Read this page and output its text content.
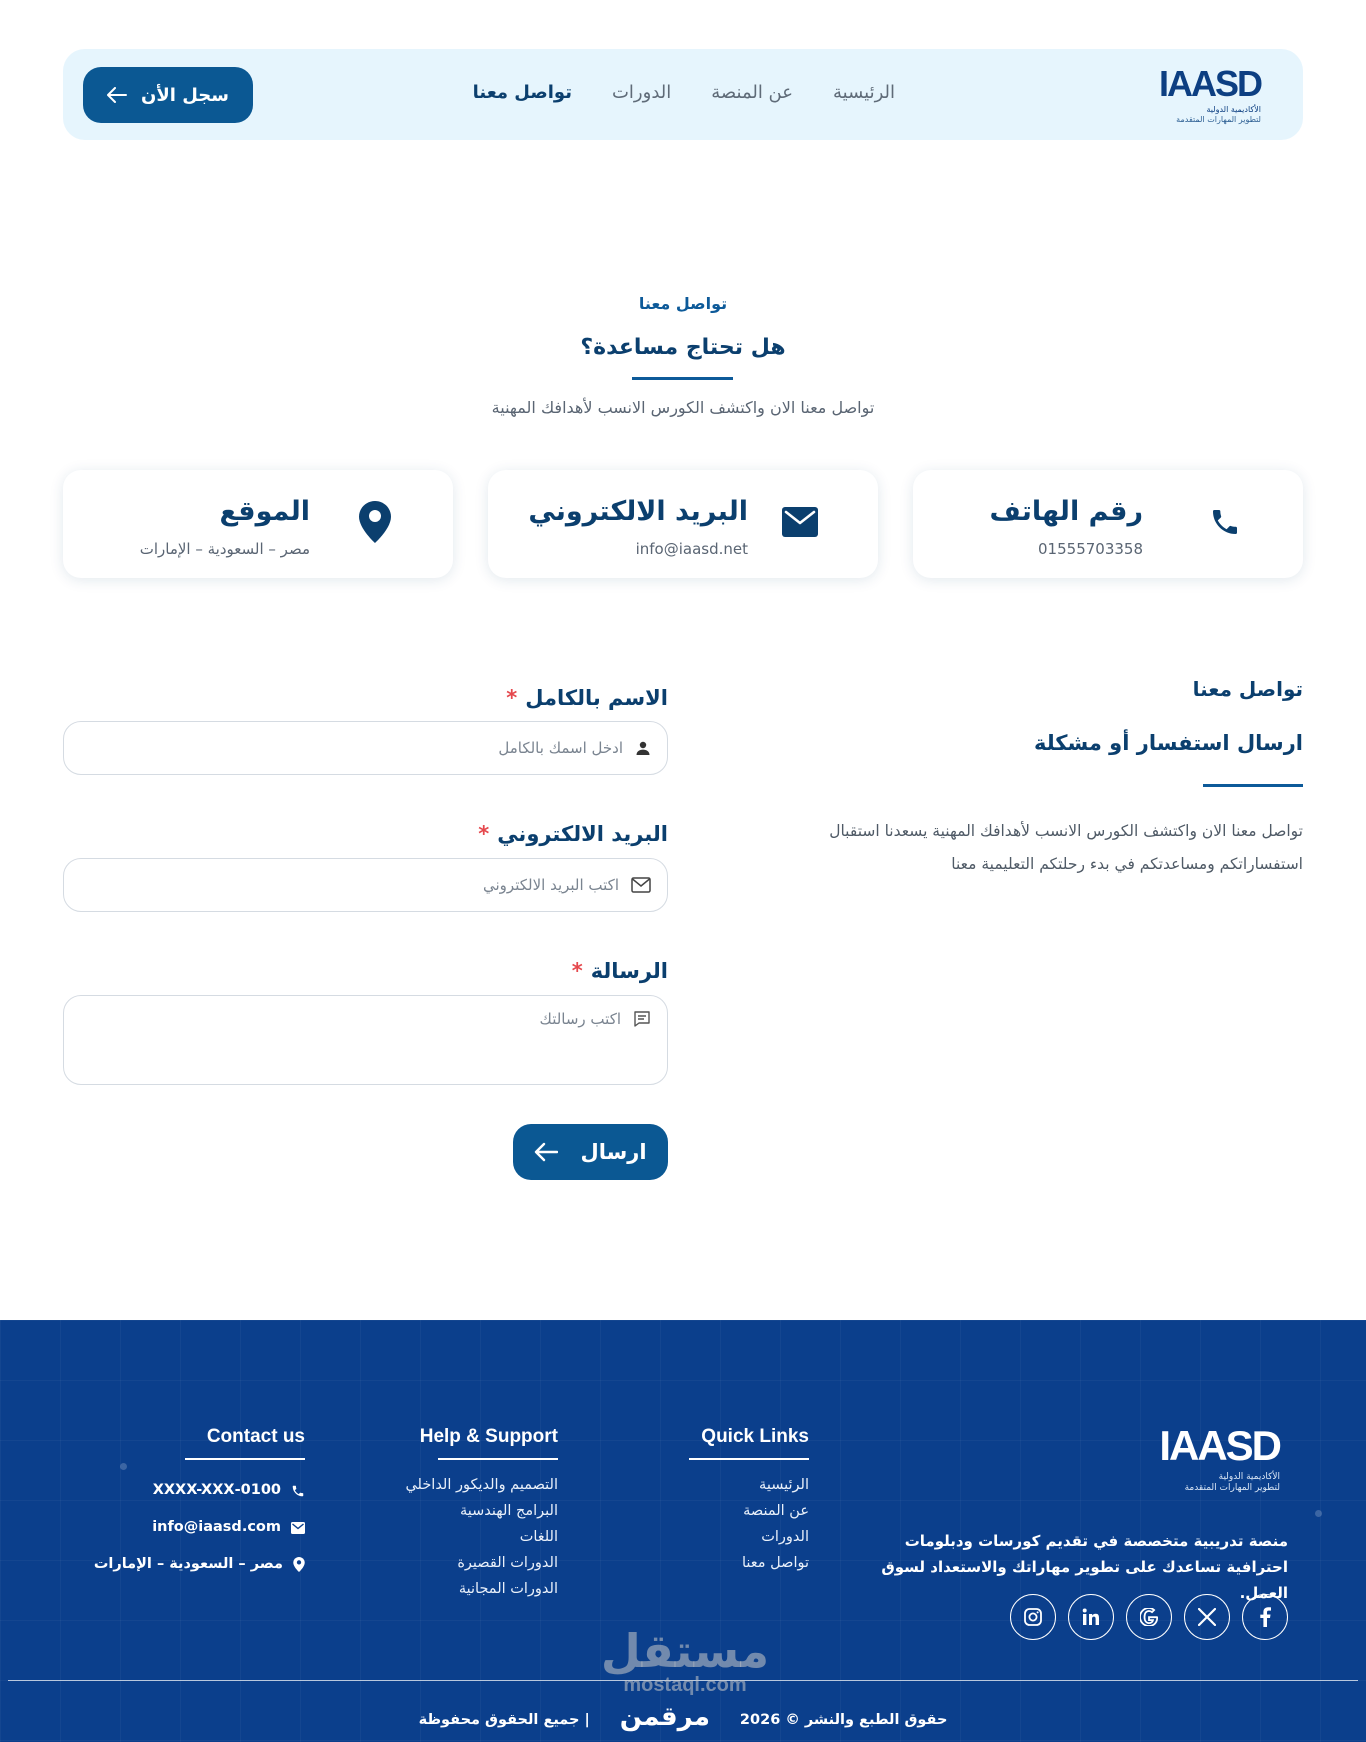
IAASD
الأكاديمية الدولية
لتطوير المهارات المتقدمة
الرئيسية
عن المنصة
الدورات
تواصل معنا
سجل الأن
تواصل معنا
هل تحتاج مساعدة؟

تواصل معنا الان واكتشف الكورس الانسب لأهدافك المهنية

رقم الهاتف
01555703358
البريد الالكتروني
info@iaasd.net
الموقع
مصر – السعودية – الإمارات
تواصل معنا
ارسال استفسار أو مشكلة

تواصل معنا الان واكتشف الكورس الانسب لأهدافك المهنية يسعدنا استقبال استفساراتكم ومساعدتكم في بدء رحلتكم التعليمية معنا

الاسم بالكامل*
ادخل اسمك بالكامل
البريد الالكتروني*
اكتب البريد الالكتروني
الرسالة*
اكتب رسالتك
ارسال
IAASD
الأكاديمية الدولية
لتطوير المهارات المتقدمة

منصة تدريبية متخصصة في تقديم كورسات ودبلومات احترافية تساعدك على تطوير مهاراتك والاستعداد لسوق العمل.

Quick Links
الرئيسية
عن المنصة
الدورات
تواصل معنا
Help & Support
التصميم والديكور الداخلي
البرامج الهندسية
اللغات
الدورات القصيرة
الدورات المجانية
Contact us
0100-XXXX-XXX
info@iaasd.com
مصر – السعودية – الإمارات
حقوق الطبع والنشر © 2026
مرقمن
| جميع الحقوق محفوظة
مستقل
mostaql.com
